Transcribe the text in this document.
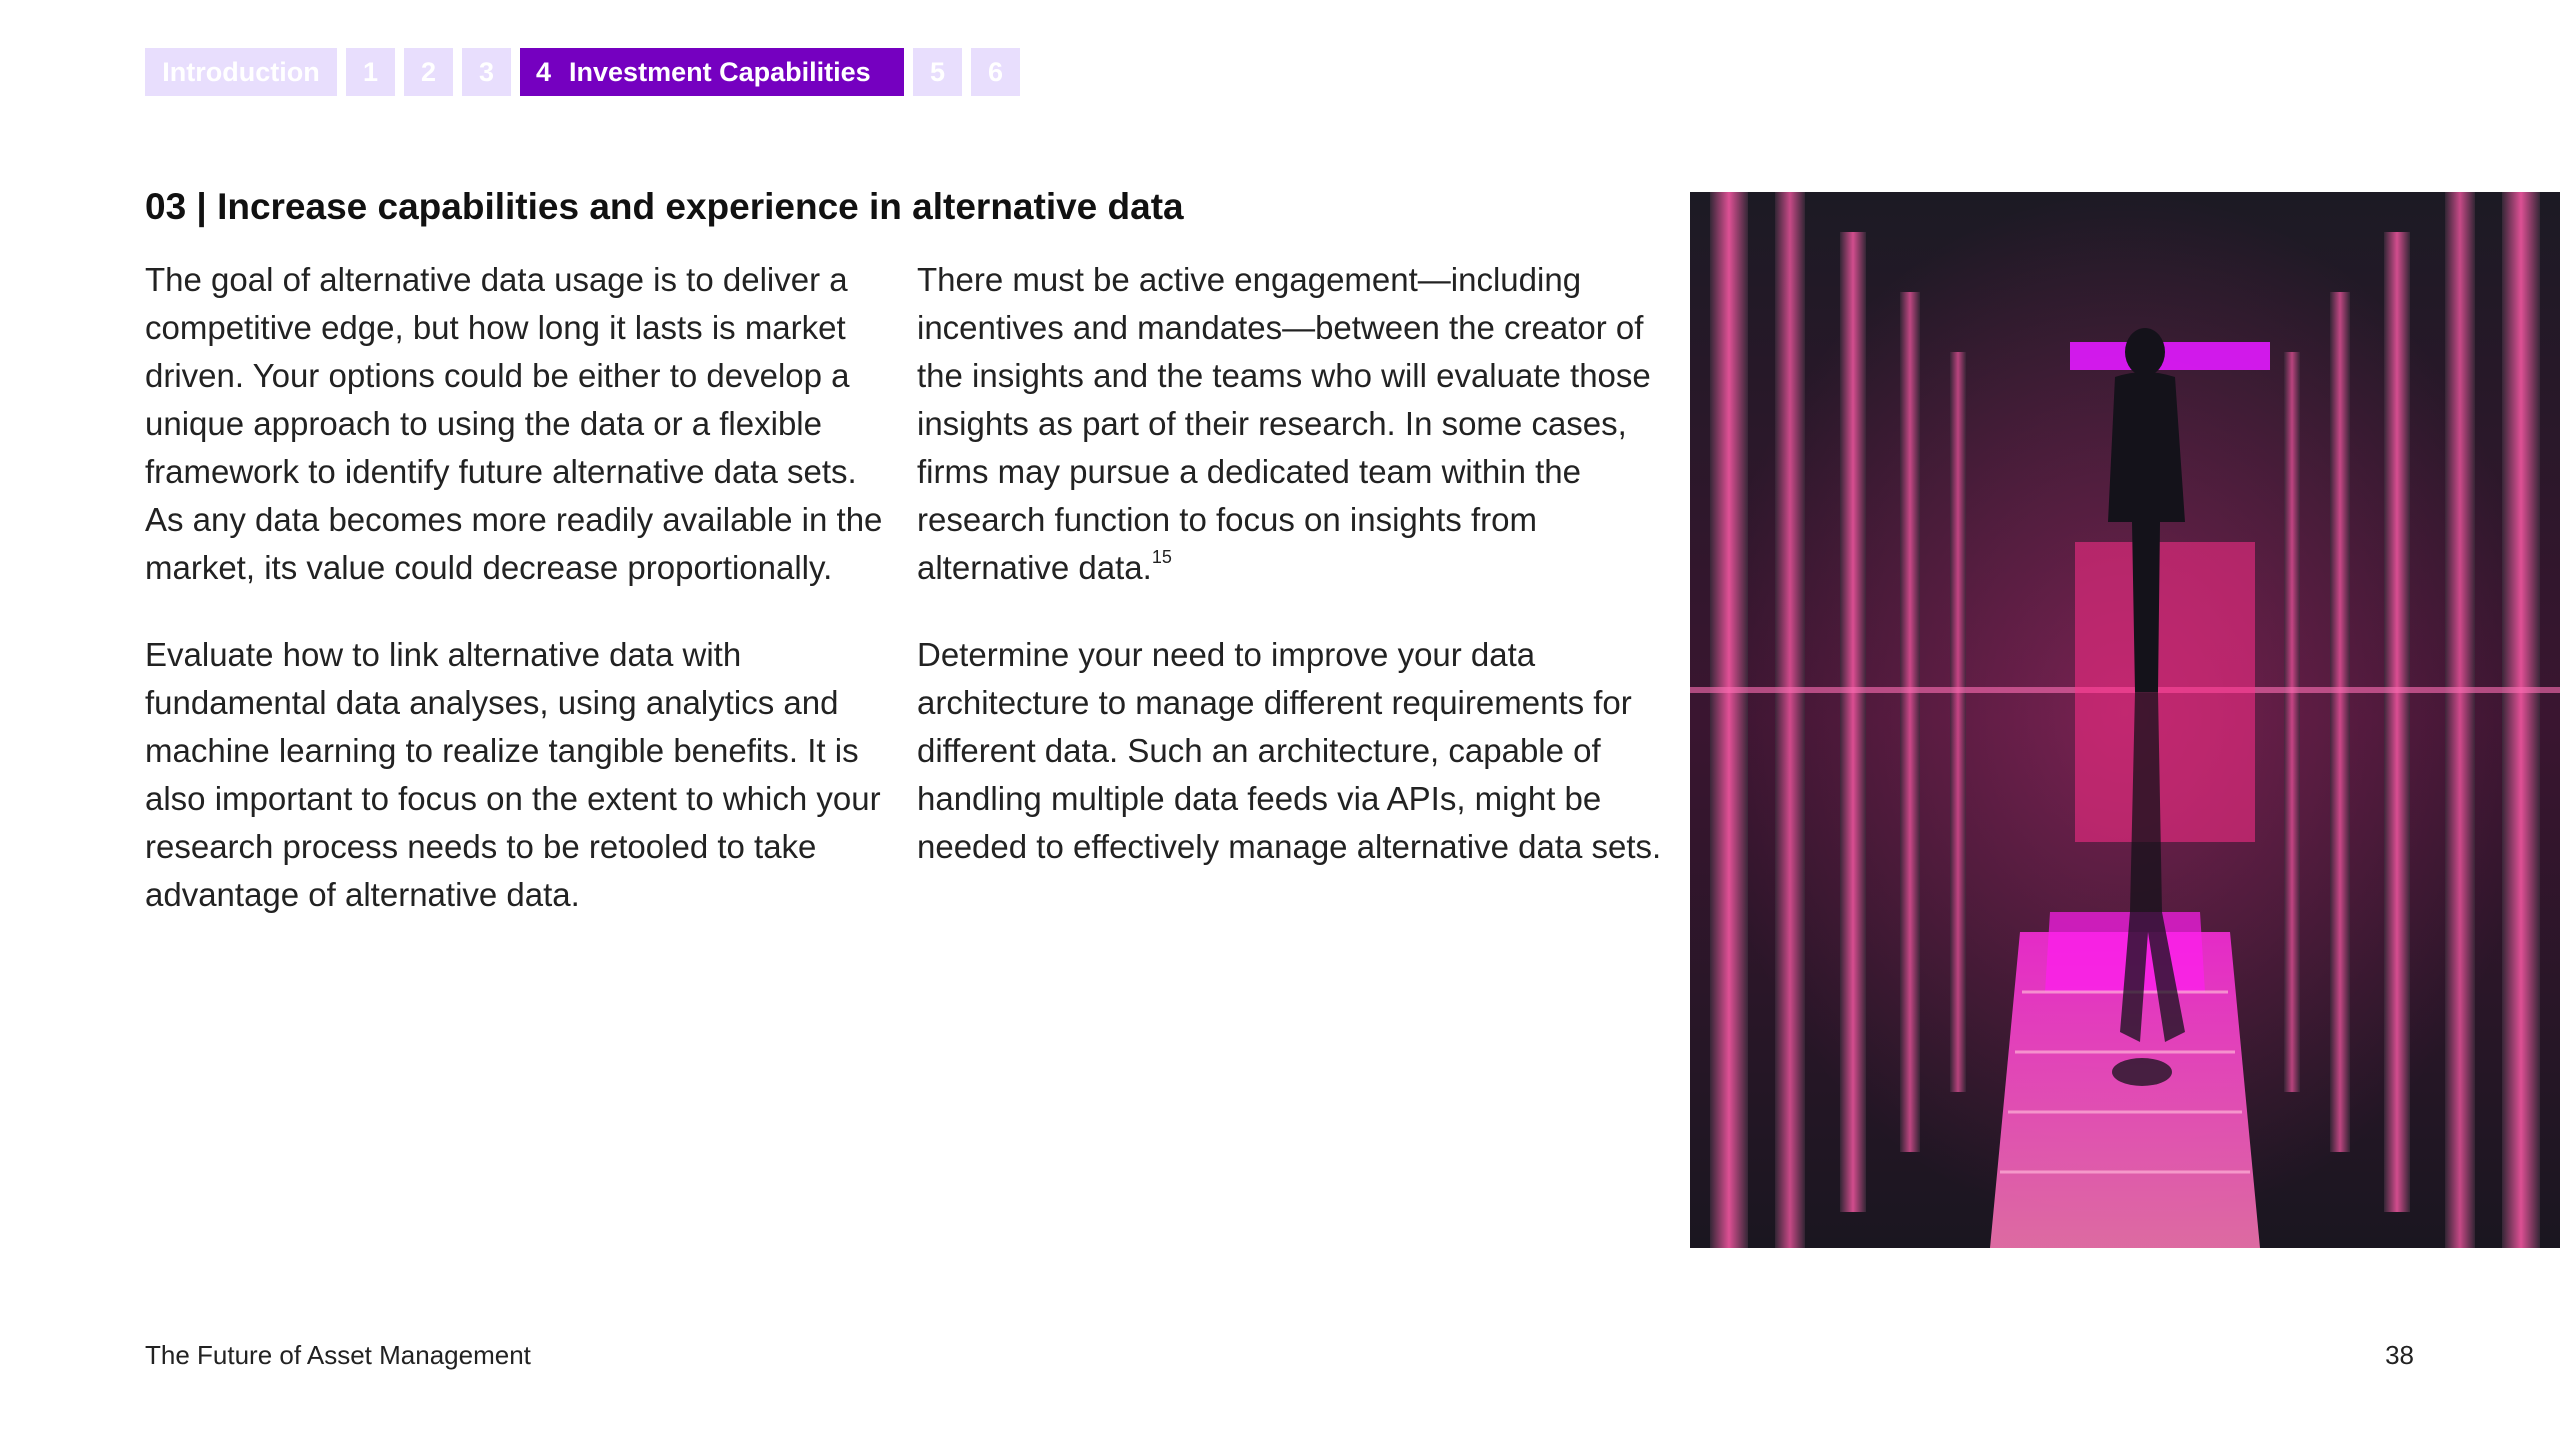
Introduction	1	2	3	4 Investment Capabilities	5	6
03 | Increase capabilities and experience in alternative data

The goal of alternative data usage is to deliver a competitive edge, but how long it lasts is market driven. Your options could be either to develop a unique approach to using the data or a flexible framework to identify future alternative data sets. As any data becomes more readily available in the market, its value could decrease proportionally.

Evaluate how to link alternative data with fundamental data analyses, using analytics and machine learning to realize tangible benefits. It is also important to focus on the extent to which your research process needs to be retooled to take advantage of alternative data.

There must be active engagement—including incentives and mandates—between the creator of the insights and the teams who will evaluate those insights as part of their research. In some cases, firms may pursue a dedicated team within the research function to focus on insights from alternative data.$^{15}$

Determine your need to improve your data architecture to manage different requirements for different data. Such an architecture, capable of handling multiple data feeds via APIs, might be needed to effectively manage alternative data sets.

The Future of Asset Management	38
